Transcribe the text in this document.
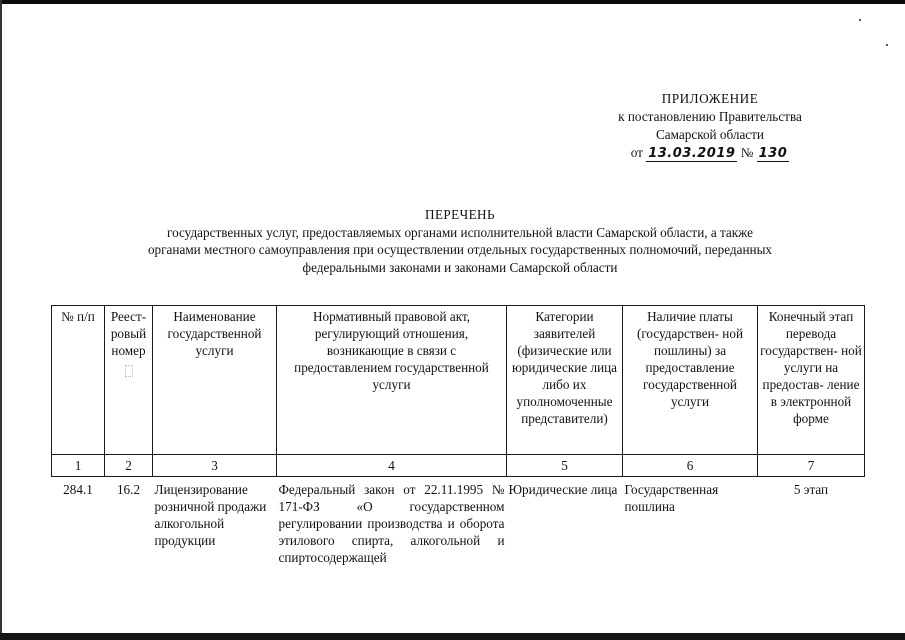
ПРИЛОЖЕНИЕ
к постановлению Правительства
Самарской области
от 13.03.2019 № 130
ПЕРЕЧЕНЬ
государственных услуг, предоставляемых органами исполнительной власти Самарской области, а также
органами местного самоуправления при осуществлении отдельных государственных полномочий, переданных
федеральными законами и законами Самарской области
№ п/п	Реест- ровый номер	Наименование государственной услуги	Нормативный правовой акт, регулирующий отношения, возникающие в связи с предоставлением государственной услуги	Категории заявителей (физические или юридические лица либо их уполномоченные представители)	Наличие платы (государствен- ной пошлины) за предоставление государственной услуги	Конечный этап перевода государствен- ной услуги на предостав- ление в электронной форме
1	2	3	4	5	6	7
284.1	16.2	Лицензирование розничной продажи алкогольной продукции	Федеральный закон от 22.11.1995 № 171-ФЗ «О государственном регулировании производства и оборота этилового спирта, алкогольной и спиртосодержащей	Юридические лица	Государственная пошлина	5 этап
